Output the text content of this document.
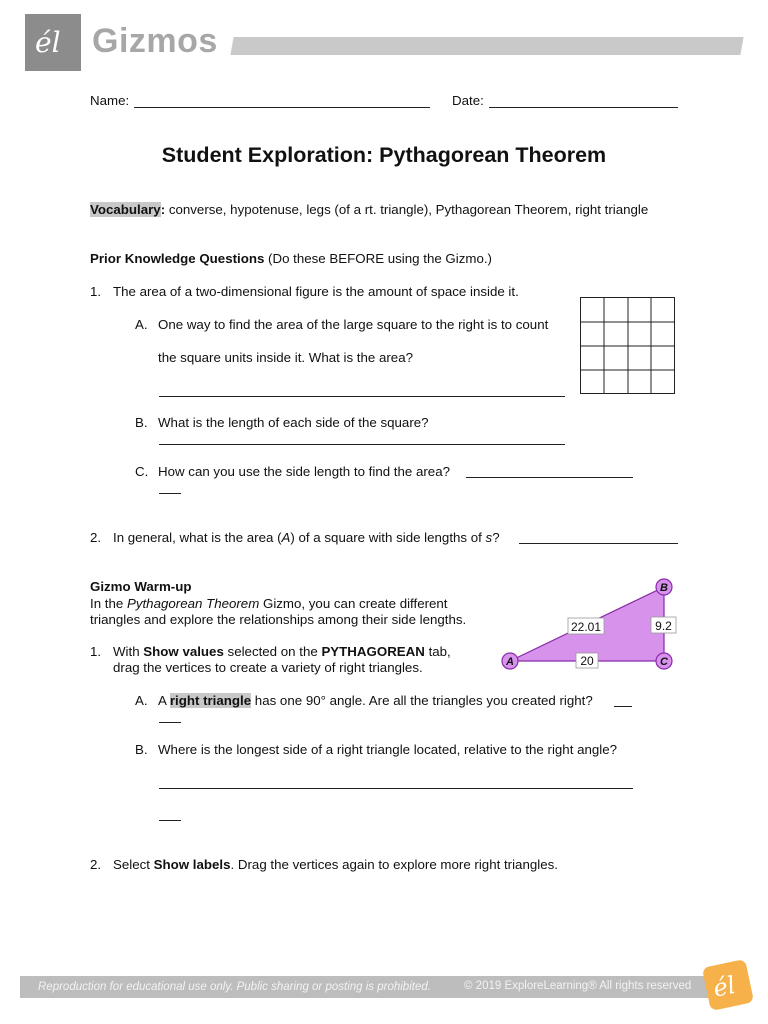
él Gizmos
Name:	Date:
Student Exploration: Pythagorean Theorem
Vocabulary: converse, hypotenuse, legs (of a rt. triangle), Pythagorean Theorem, right triangle
Prior Knowledge Questions (Do these BEFORE using the Gizmo.)
1. The area of a two-dimensional figure is the amount of space inside it.
A. One way to find the area of the large square to the right is to count
the square units inside it. What is the area?
B. What is the length of each side of the square?
C. How can you use the side length to find the area?
2. In general, what is the area (A) of a square with side lengths of s?
Gizmo Warm-up
In the Pythagorean Theorem Gizmo, you can create different
triangles and explore the relationships among their side lengths.	22.01	9.2
20
A
B
C
1. With Show values selected on the PYTHAGOREAN tab,
drag the vertices to create a variety of right triangles.
A. A right triangle has one 90° angle. Are all the triangles you created right?
B. Where is the longest side of a right triangle located, relative to the right angle?
2. Select Show labels. Drag the vertices again to explore more right triangles.
Reproduction for educational use only. Public sharing or posting is prohibited.	© 2019 ExploreLearning® All rights reserved él
